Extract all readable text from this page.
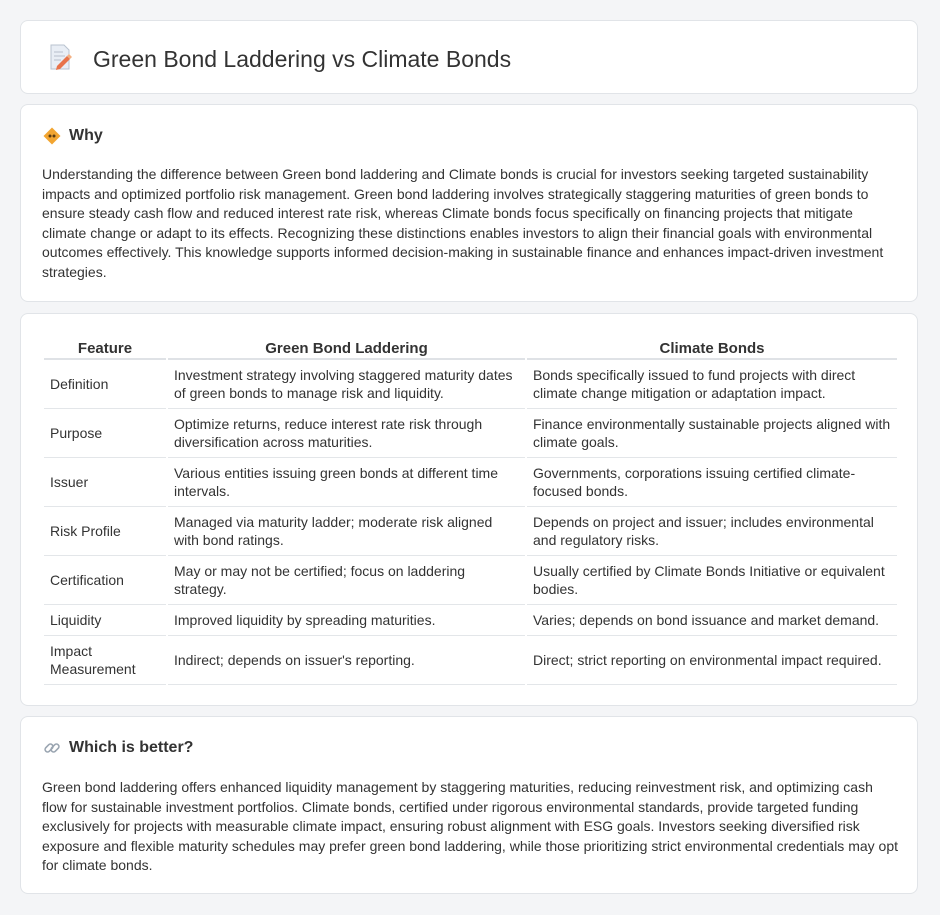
Green Bond Laddering vs Climate Bonds
Why

Understanding the difference between Green bond laddering and Climate bonds is crucial for investors seeking targeted sustainability impacts and optimized portfolio risk management. Green bond laddering involves strategically staggering maturities of green bonds to ensure steady cash flow and reduced interest rate risk, whereas Climate bonds focus specifically on financing projects that mitigate climate change or adapt to its effects. Recognizing these distinctions enables investors to align their financial goals with environmental outcomes effectively. This knowledge supports informed decision-making in sustainable finance and enhances impact-driven investment strategies.

Feature	Green Bond Laddering	Climate Bonds
Definition	Investment strategy involving staggered maturity dates of green bonds to manage risk and liquidity.	Bonds specifically issued to fund projects with direct climate change mitigation or adaptation impact.
Purpose	Optimize returns, reduce interest rate risk through diversification across maturities.	Finance environmentally sustainable projects aligned with climate goals.
Issuer	Various entities issuing green bonds at different time intervals.	Governments, corporations issuing certified climate-focused bonds.
Risk Profile	Managed via maturity ladder; moderate risk aligned with bond ratings.	Depends on project and issuer; includes environmental and regulatory risks.
Certification	May or may not be certified; focus on laddering strategy.	Usually certified by Climate Bonds Initiative or equivalent bodies.
Liquidity	Improved liquidity by spreading maturities.	Varies; depends on bond issuance and market demand.
Impact Measurement	Indirect; depends on issuer's reporting.	Direct; strict reporting on environmental impact required.
Which is better?

Green bond laddering offers enhanced liquidity management by staggering maturities, reducing reinvestment risk, and optimizing cash flow for sustainable investment portfolios. Climate bonds, certified under rigorous environmental standards, provide targeted funding exclusively for projects with measurable climate impact, ensuring robust alignment with ESG goals. Investors seeking diversified risk exposure and flexible maturity schedules may prefer green bond laddering, while those prioritizing strict environmental credentials may opt for climate bonds.
